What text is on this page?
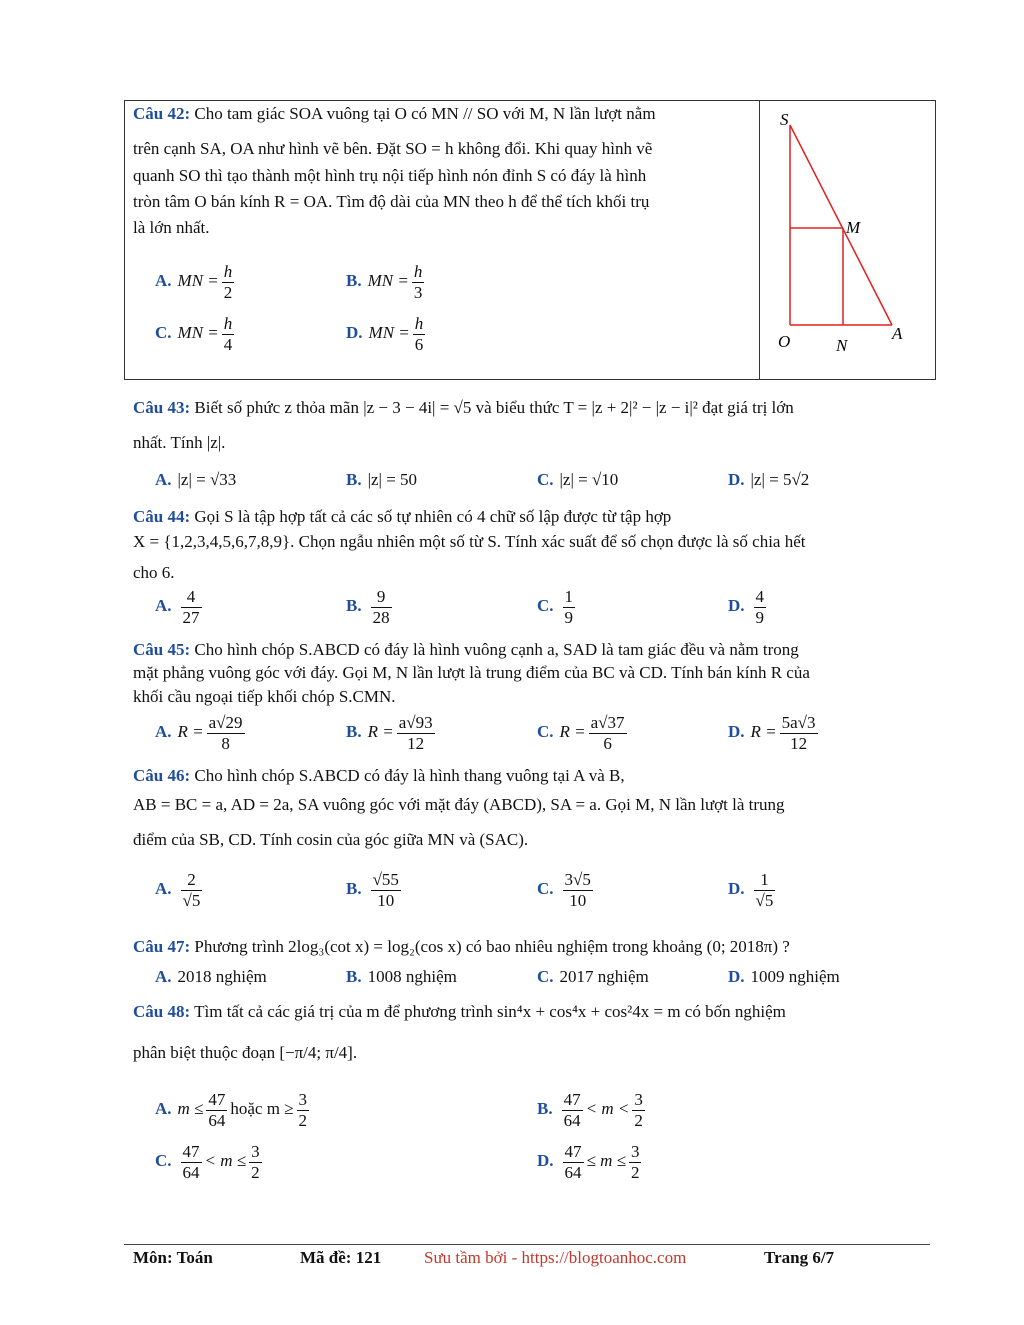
Câu 42: Cho tam giác SOA vuông tại O có MN // SO với M, N lần lượt nằm
trên cạnh SA, OA như hình vẽ bên. Đặt SO = h không đổi. Khi quay hình vẽ
quanh SO thì tạo thành một hình trụ nội tiếp hình nón đỉnh S có đáy là hình
tròn tâm O bán kính R = OA. Tìm độ dài của MN theo h để thể tích khối trụ
là lớn nhất.
A. MN = $\frac{h}{2}$	B. MN = $\frac{h}{3}$
C. MN = $\frac{h}{4}$	D. MN = $\frac{h}{6}$
S
M
O	N
A
Câu 43: Biết số phức z thỏa mãn |z − 3 − 4i| = √5 và biểu thức T = |z + 2|² − |z − i|² đạt giá trị lớn
nhất. Tính |z|.
A. |z| = √33	B. |z| = 50	C. |z| = √10	D. |z| = 5√2
Câu 44: Gọi S là tập hợp tất cả các số tự nhiên có 4 chữ số lập được từ tập hợp
X = {1,2,3,4,5,6,7,8,9}. Chọn ngẫu nhiên một số từ S. Tính xác suất để số chọn được là số chia hết
cho 6.
A. $\frac{4}{27}$	B. $\frac{9}{28}$	C. $\frac{1}{9}$	D. $\frac{4}{9}$
Câu 45: Cho hình chóp S.ABCD có đáy là hình vuông cạnh a, SAD là tam giác đều và nằm trong
mặt phẳng vuông góc với đáy. Gọi M, N lần lượt là trung điểm của BC và CD. Tính bán kính R của
khối cầu ngoại tiếp khối chóp S.CMN.
A. $R = \frac{a√29}{8}$	B. $R = \frac{a√93}{12}$	C. $R = \frac{a√37}{6}$	D. $R = \frac{5a√3}{12}$
Câu 46: Cho hình chóp S.ABCD có đáy là hình thang vuông tại A và B,
AB = BC = a, AD = 2a, SA vuông góc với mặt đáy (ABCD), SA = a. Gọi M, N lần lượt là trung
điểm của SB, CD. Tính cosin của góc giữa MN và (SAC).
A. $\frac{2}{√5}$	B. $\frac{√55}{10}$	C. $\frac{3√5}{10}$	D. $\frac{1}{√5}$
Câu 47: Phương trình 2log₃(cot x) = log₂(cos x) có bao nhiêu nghiệm trong khoảng (0; 2018π) ?
A. 2018 nghiệm	B. 1008 nghiệm	C. 2017 nghiệm	D. 1009 nghiệm
Câu 48: Tìm tất cả các giá trị của m để phương trình sin⁴x + cos⁴x + cos²4x = m có bốn nghiệm
phân biệt thuộc đoạn [−π/4; π/4].
A. $m \le \frac{47}{64}$ hoặc $m \ge \frac{3}{2}$	B. $\frac{47}{64} < m < \frac{3}{2}$
C. $\frac{47}{64} < m \le \frac{3}{2}$	D. $\frac{47}{64} \le m \le \frac{3}{2}$
Môn: Toán	Mã đề: 121	Sưu tầm bởi - https://blogtoanhoc.com	Trang 6/7
